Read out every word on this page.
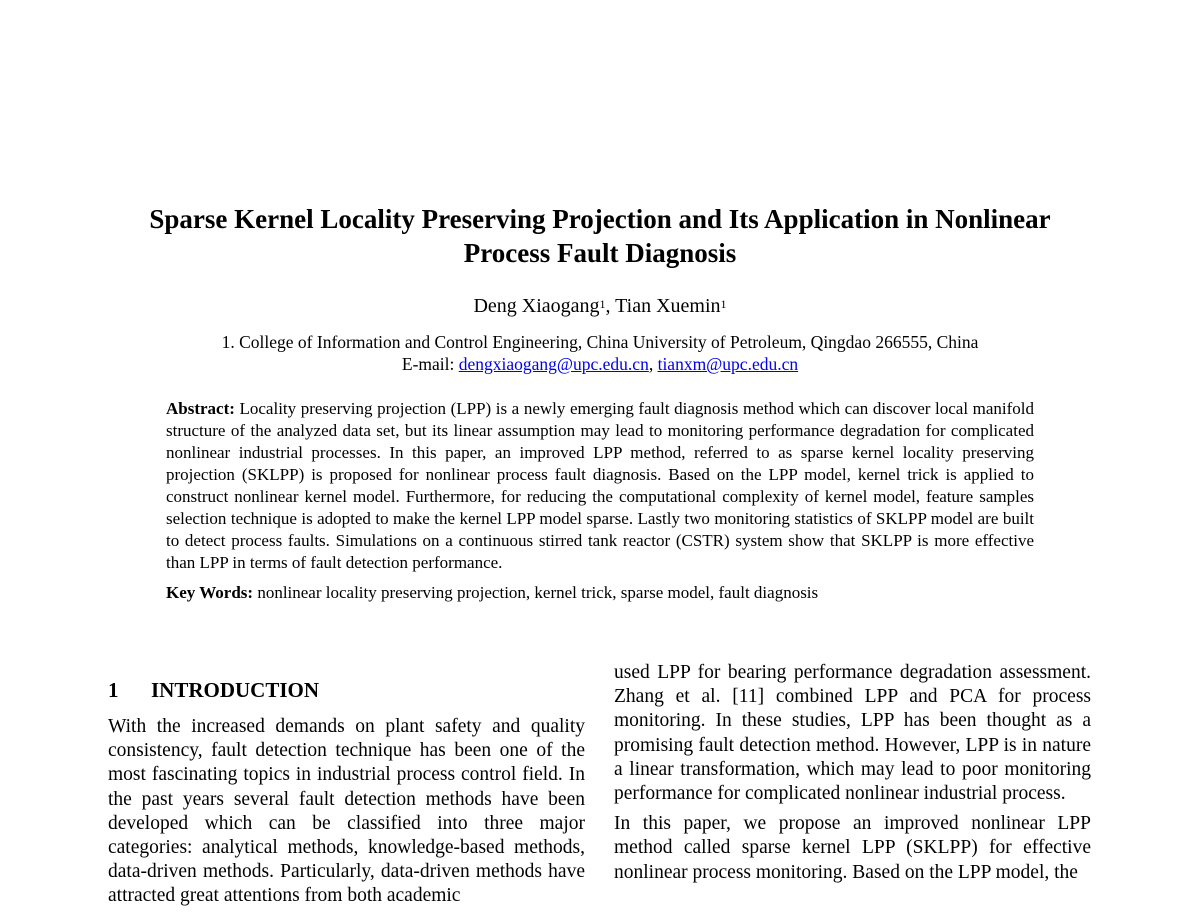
Sparse Kernel Locality Preserving Projection and Its Application in Nonlinear
Process Fault Diagnosis
Deng Xiaogang$^1$, Tian Xuemin$^1$
1. College of Information and Control Engineering, China University of Petroleum, Qingdao 266555, China
E-mail: dengxiaogang@upc.edu.cn, tianxm@upc.edu.cn
Abstract: Locality preserving projection (LPP) is a newly emerging fault diagnosis method which can discover local manifold structure of the analyzed data set, but its linear assumption may lead to monitoring performance degradation for complicated nonlinear industrial processes. In this paper, an improved LPP method, referred to as sparse kernel locality preserving projection (SKLPP) is proposed for nonlinear process fault diagnosis. Based on the LPP model, kernel trick is applied to construct nonlinear kernel model. Furthermore, for reducing the computational complexity of kernel model, feature samples selection technique is adopted to make the kernel LPP model sparse. Lastly two monitoring statistics of SKLPP model are built to detect process faults. Simulations on a continuous stirred tank reactor (CSTR) system show that SKLPP is more effective than LPP in terms of fault detection performance.
Key Words: nonlinear locality preserving projection, kernel trick, sparse model, fault diagnosis
1 INTRODUCTION

With the increased demands on plant safety and quality consistency, fault detection technique has been one of the most fascinating topics in industrial process control field. In the past years several fault detection methods have been developed which can be classified into three major categories: analytical methods, knowledge-based methods, data-driven methods. Particularly, data-driven methods have attracted great attentions from both academic

used LPP for bearing performance degradation assessment. Zhang et al. [11] combined LPP and PCA for process monitoring. In these studies, LPP has been thought as a promising fault detection method. However, LPP is in nature a linear transformation, which may lead to poor monitoring performance for complicated nonlinear industrial process.

In this paper, we propose an improved nonlinear LPP method called sparse kernel LPP (SKLPP) for effective nonlinear process monitoring. Based on the LPP model, the
